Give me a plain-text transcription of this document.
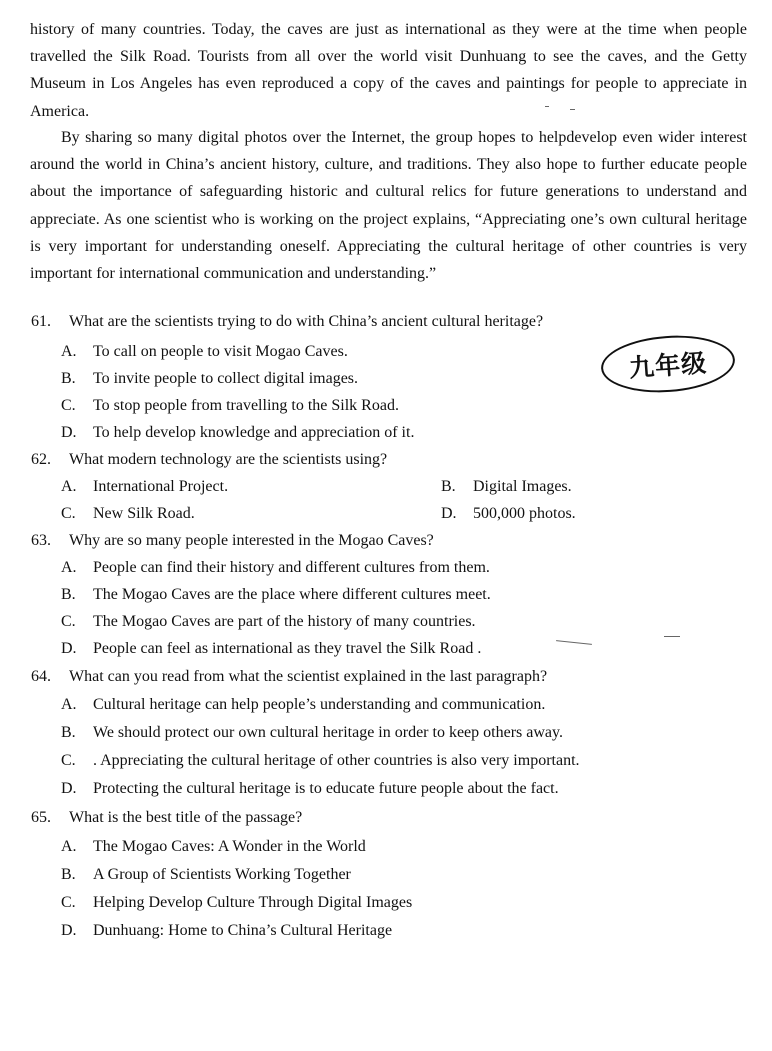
history of many countries. Today, the caves are just as international as they were at the time when people travelled the Silk Road. Tourists from all over the world visit Dunhuang to see the caves, and the Getty Museum in Los Angeles has even reproduced a copy of the caves and paintings for people to appreciate in America.
By sharing so many digital photos over the Internet, the group hopes to helpdevelop even wider interest around the world in China’s ancient history, culture, and traditions. They also hope to further educate people about the importance of safeguarding historic and cultural relics for future generations to understand and appreciate. As one scientist who is working on the project explains, “Appreciating one’s own cultural heritage is very important for understanding oneself. Appreciating the cultural heritage of other countries is very important for international communication and understanding.”
九年级
61. What are the scientists trying to do with China’s ancient cultural heritage?
A. To call on people to visit Mogao Caves.
B. To invite people to collect digital images.
C. To stop people from travelling to the Silk Road.
D. To help develop knowledge and appreciation of it.
62. What modern technology are the scientists using?
A. International Project.	B. Digital Images.
C. New Silk Road.	D. 500,000 photos.
63. Why are so many people interested in the Mogao Caves?
A. People can find their history and different cultures from them.
B. The Mogao Caves are the place where different cultures meet.
C. The Mogao Caves are part of the history of many countries.
D. People can feel as international as they travel the Silk Road .
64. What can you read from what the scientist explained in the last paragraph?
A. Cultural heritage can help people’s understanding and communication.
B. We should protect our own cultural heritage in order to keep others away.
C. . Appreciating the cultural heritage of other countries is also very important.
D. Protecting the cultural heritage is to educate future people about the fact.
65. What is the best title of the passage?
A. The Mogao Caves: A Wonder in the World
B. A Group of Scientists Working Together
C. Helping Develop Culture Through Digital Images
D. Dunhuang: Home to China’s Cultural Heritage
